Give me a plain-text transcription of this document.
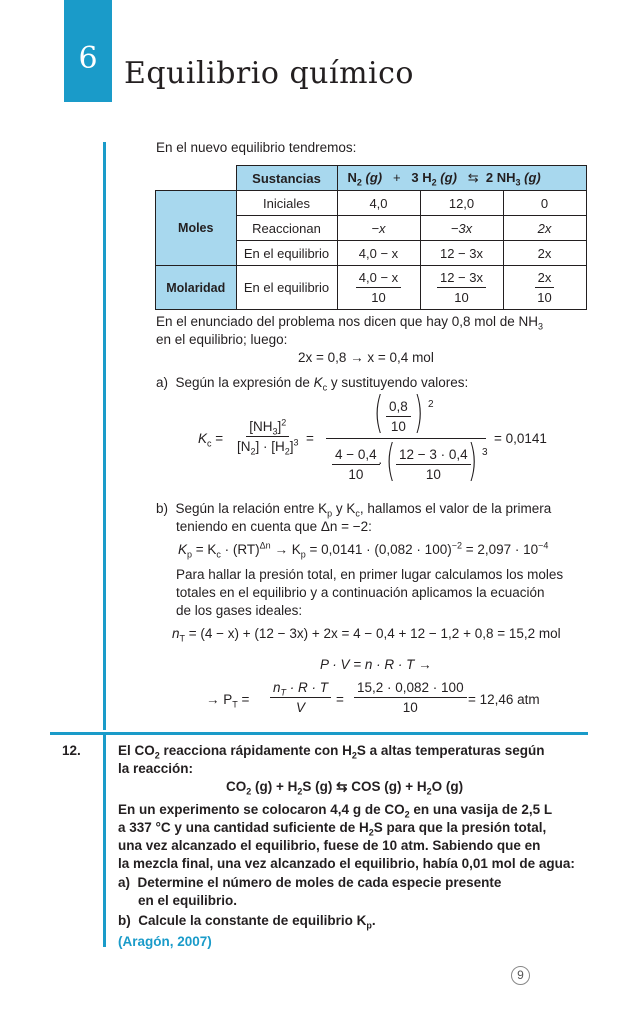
6 Equilibrio químico
En el nuevo equilibrio tendremos:
	Sustancias	$N_2$ (g) + 3 $H_2$ (g) ⇆ 2 $NH_3$ (g)		
Moles	Iniciales	4,0	12,0	0
	Reaccionan	−x	−3x	2x
	En el equilibrio	4,0 − x	12 − 3x	2x
Molaridad	En el equilibrio	$\frac{4,0 - x}{10}$	$\frac{12 - 3x}{10}$	$\frac{2x}{10}$
En el enunciado del problema nos dicen que hay 0,8 mol de $NH_3$
en el equilibrio; luego:
2x = 0,8 → x = 0,4 mol
a) Según la expresión de $K_c$ y sustituyendo valores:
$K_c = \frac{[NH_3]^2}{[N_2] \cdot [H_2]^3}$ =
( $\frac{0,8}{10}$ ) 2
$\frac{4 - 0,4}{10}$
· ( $\frac{12 - 3 \cdot 0,4}{10}$
) 3
= 0,0141
b) Según la relación entre $K_p$ y $K_c$, hallamos el valor de la primera
teniendo en cuenta que Δn = −2:
$K_p = K_c \cdot (RT)^{\Delta n} \to K_p = 0,0141 \cdot (0,082 \cdot 100)^{-2} = 2,097 \cdot 10^{-4}$
Para hallar la presión total, en primer lugar calculamos los moles
totales en el equilibrio y a continuación aplicamos la ecuación
de los gases ideales:
$n_T = (4 - x) + (12 - 3x) + 2x = 4 - 0,4 + 12 - 1,2 + 0,8 = 15,2$ mol
P · V = n · R · T →
→ $P_T = \frac{n_T \cdot R \cdot T}{V} = \frac{15,2 \cdot 0,082 \cdot 100}{10} = 12,46$ atm
12.	El $CO_2$ reacciona rápidamente con $H_2S$ a altas temperaturas según
la reacción:
$CO_2$ $(g) + H_2S$ (g) ⇆ COS $(g) + H_2O$ (g)
En un experimento se colocaron 4,4 g de $CO_2$ en una vasija de 2,5 L
a 337 °C y una cantidad suficiente de $H_2S$ para que la presión total,
una vez alcanzado el equilibrio, fuese de 10 atm. Sabiendo que en
la mezcla final, una vez alcanzado el equilibrio, había 0,01 mol de agua:
a) Determine el número de moles de cada especie presente
en el equilibrio.
b) Calcule la constante de equilibrio $K_p$.
(Aragón, 2007)
9
